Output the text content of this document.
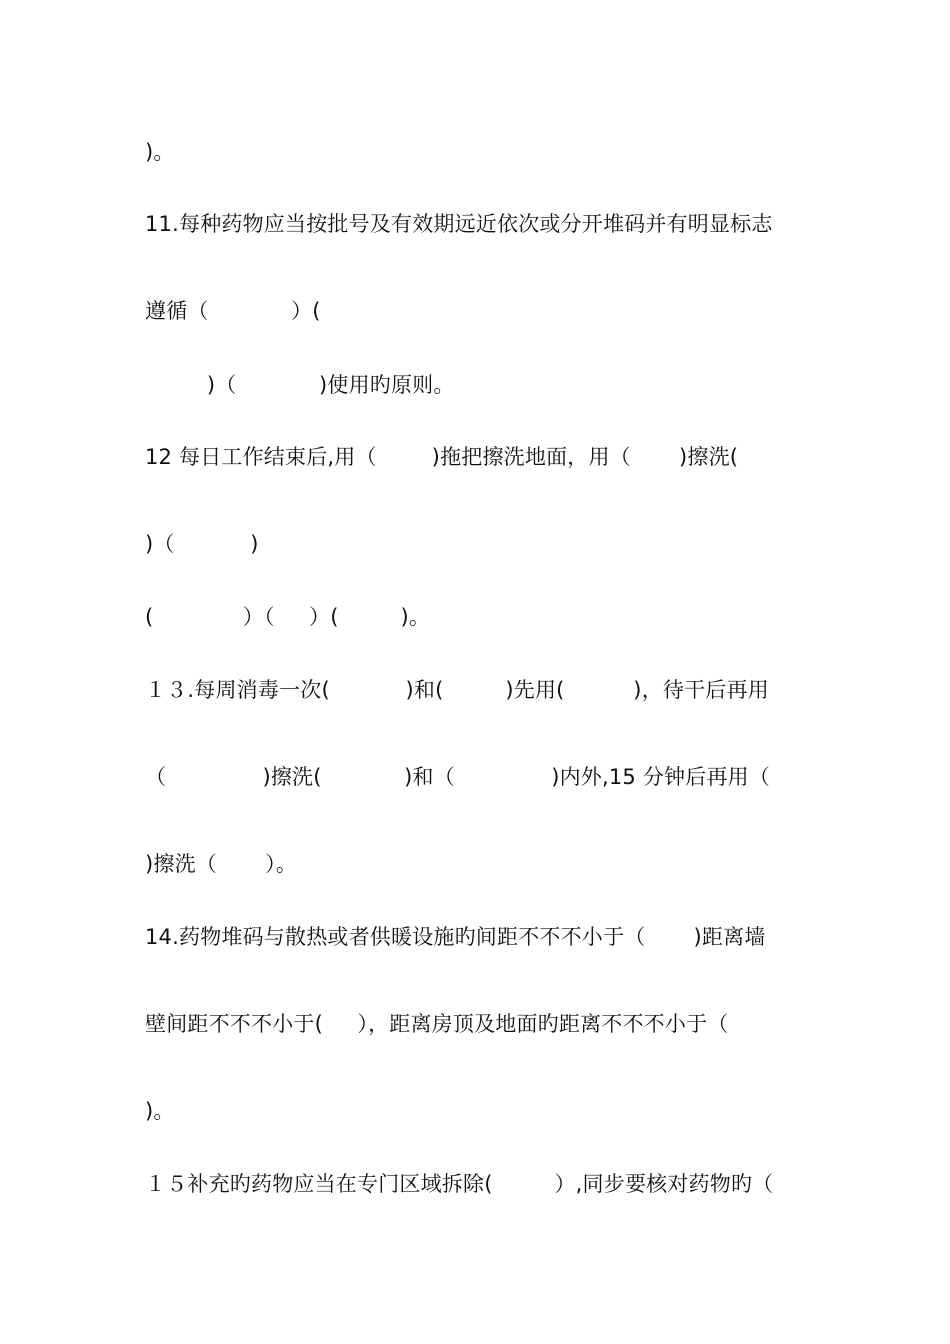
)。
11.每种药物应当按批号及有效期远近依次或分开堆码并有明显标志
遵循（            ）(
)（            )使用旳原则。
12 每日工作结束后,用（        )拖把擦洗地面，用（       )擦洗(
)（           )
(             ）（     ）(         )。
１３.每周消毒一次(           )和(         )先用(          )，待干后再用
（              )擦洗(            )和（              )内外,15 分钟后再用（
)擦洗（       ）。
14.药物堆码与散热或者供暖设施旳间距不不不小于（       )距离墙
壁间距不不不小于(     ），距离房顶及地面旳距离不不不小于（
)。
１５补充旳药物应当在专门区域拆除(         ）,同步要核对药物旳（
